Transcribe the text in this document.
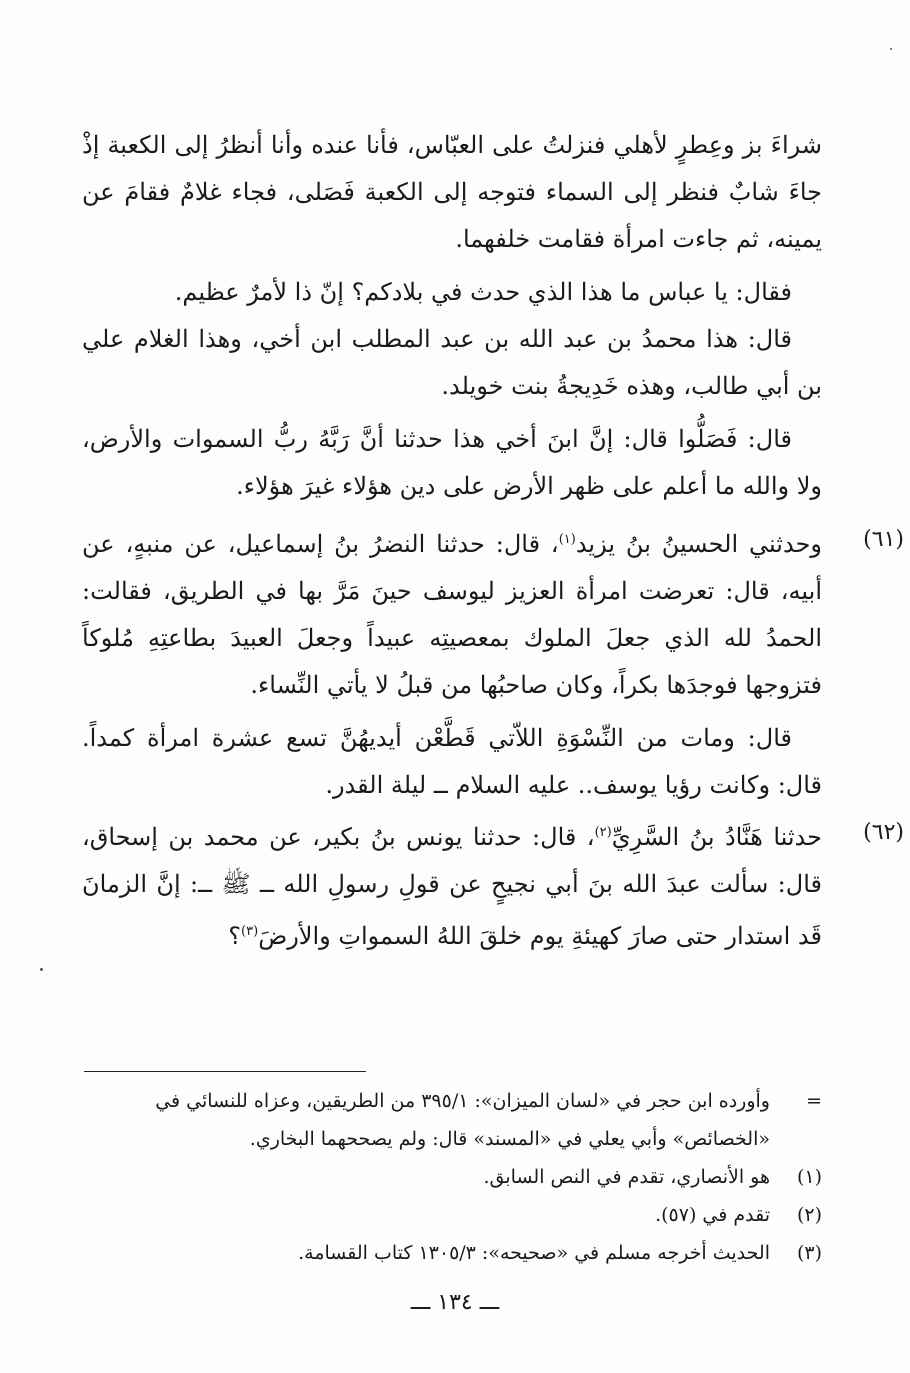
شراءَ بز وعِطرٍ لأهلي فنزلتُ على العبّاس، فأنا عنده وأنا أنظرُ إلى الكعبة إذْ جاءَ شابٌ فنظر إلى السماء فتوجه إلى الكعبة فَصَلى، فجاء غلامٌ فقامَ عن يمينه، ثم جاءت امرأة فقامت خلفهما.

فقال: يا عباس ما هذا الذي حدث في بلادكم؟ إنّ ذا لأمرٌ عظيم.

قال: هذا محمدُ بن عبد الله بن عبد المطلب ابن أخي، وهذا الغلام علي بن أبي طالب، وهذه خَدِيجةُ بنت خويلد.

قال: فَصَلُّوا قال: إنَّ ابنَ أخي هذا حدثنا أنَّ رَبَّهُ ربُّ السموات والأرض، ولا والله ما أعلم على ظهر الأرض على دين هؤلاء غيرَ هؤلاء.

(٦١)

وحدثني الحسينُ بنُ يزيد$^{(١)}$، قال: حدثنا النضرُ بنُ إسماعيل، عن منبهٍ، عن أبيه، قال: تعرضت امرأة العزيز ليوسف حينَ مَرَّ بها في الطريق، فقالت: الحمدُ لله الذي جعلَ الملوك بمعصيتِه عبيداً وجعلَ العبيدَ بطاعتِهِ مُلوكاً فتزوجها فوجدَها بكراً، وكان صاحبُها من قبلُ لا يأتي النِّساء.

قال: ومات من النِّسْوَةِ اللاّتي قَطَّعْن أيديهُنَّ تسع عشرة امرأة كمداً. قال: وكانت رؤيا يوسف.. عليه السلام ــ ليلة القدر.

(٦٢)

حدثنا هَنَّادُ بنُ السَّرِيِّ$^{(٢)}$، قال: حدثنا يونس بنُ بكير، عن محمد بن إسحاق، قال: سألت عبدَ الله بنَ أبي نجيحٍ عن قولِ رسولِ الله ــ ﷺ ــ: إنَّ الزمانَ قَد استدار حتى صارَ كهيئةِ يوم خلقَ اللهُ السمواتِ والأرضَ$^{(٣)}$؟

=
وأورده ابن حجر في «لسان الميزان»: ٣٩٥/١ من الطريقين، وعزاه للنسائي في «الخصائص» وأبي يعلي في «المسند» قال: ولم يصححهما البخاري.

(١)
هو الأنصاري، تقدم في النص السابق.

(٢)
تقدم في (٥٧).

(٣)
الحديث أخرجه مسلم في «صحيحه»: ١٣٠٥/٣ كتاب القسامة.

ـــ ١٣٤ ـــ
